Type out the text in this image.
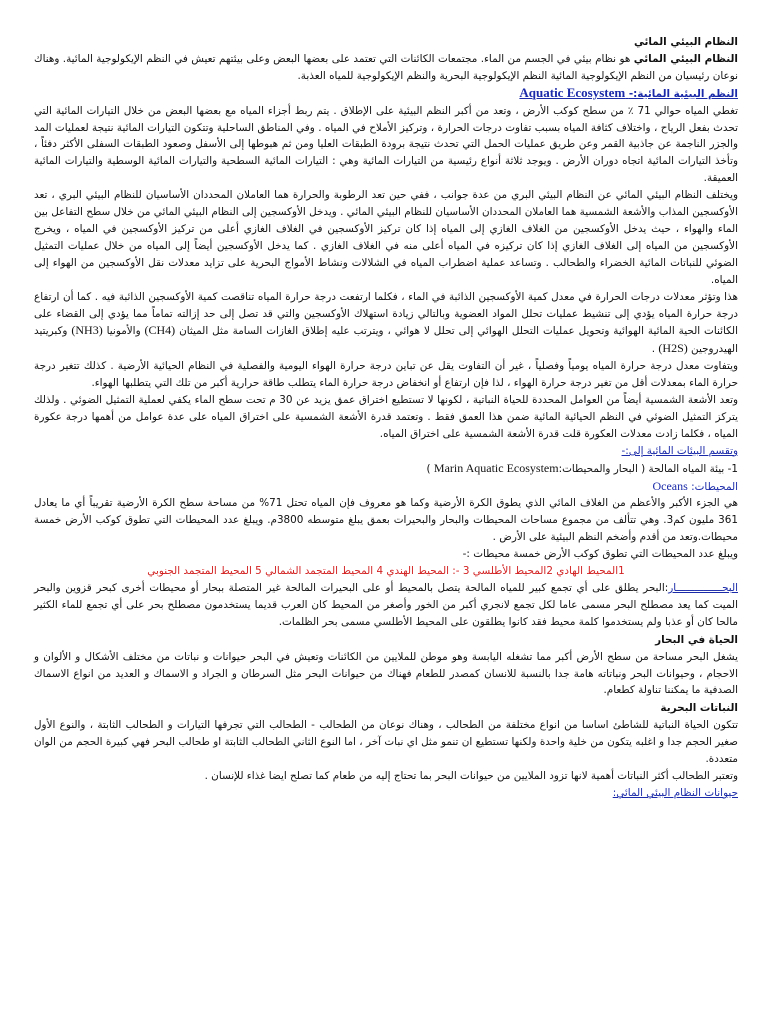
النظام البيئي المائي

النظام البيئي المائي هو نظام بيئي في الجسم من الماء. مجتمعات الكائنات التي تعتمد على بعضها البعض وعلى بيئتهم تعيش في النظم الإيكولوجية المائية. وهناك نوعان رئيسيان من النظم الإيكولوجية المائية النظم الإيكولوجية البحرية والنظم الإيكولوجية للمياه العذبة.

النظم البيئية المائية:- Aquatic Ecosystem

تغطي المياه حوالي 71 ٪ من سطح كوكب الأرض ، وتعد من أكبر النظم البيئية على الإطلاق . يتم ربط أجزاء المياه مع بعضها البعض من خلال التيارات المائية التي تحدث بفعل الرياح ، واختلاف كثافة المياه بسبب تفاوت درجات الحرارة ، وتركيز الأملاح في المياه . وفي المناطق الساحلية وتتكون التيارات المائية نتيجة لعمليات المد والجزر الناجمة عن جاذبية القمر وعن طريق عمليات الحمل التي تحدث نتيجة برودة الطبقات العليا ومن ثم هبوطها إلى الأسفل وصعود الطبقات السفلى الأكثر دفئاً ، وتأخذ التيارات المائية اتجاه دوران الأرض . ويوجد ثلاثة أنواع رئيسية من التيارات المائية وهي : التيارات المائية السطحية والتيارات المائية الوسطية والتيارات المائية العميقة.

ويختلف النظام البيئي المائي عن النظام البيئي البري من عدة جوانب ، ففي حين تعد الرطوبة والحرارة هما العاملان المحددان الأساسيان للنظام البيئي البري ، تعد الأوكسجين المذاب والأشعة الشمسية هما العاملان المحددان الأساسيان للنظام البيئي المائي . ويدخل الأوكسجين إلى النظام البيئي المائي من خلال سطح التفاعل بين الماء والهواء ، حيث يدخل الأوكسجين من الغلاف الغازي إلى المياه إذا كان تركيز الأوكسجين في الغلاف الغازي أعلى من تركيز الأوكسجين في المياه ، ويخرج الأوكسجين من المياه إلى الغلاف الغازي إذا كان تركيزه في المياه أعلى منه في الغلاف الغازي . كما يدخل الأوكسجين أيضاً إلى المياه من خلال عمليات التمثيل الضوئي للنباتات المائية الخضراء والطحالب . وتساعد عملية اضطراب المياه في الشلالات ونشاط الأمواج البحرية على تزايد معدلات نقل الأوكسجين من الهواء إلى المياه.

هذا وتؤثر معدلات درجات الحرارة في معدل كمية الأوكسجين الذائبة في الماء ، فكلما ارتفعت درجة حرارة المياه تناقصت كمية الأوكسجين الذائبة فيه . كما أن ارتفاع درجة حرارة المياه يؤدي إلى تنشيط عمليات تحلل المواد العضوية وبالتالي زيادة استهلاك الأوكسجين والتي قد تصل إلى حد إزالته تماماً مما يؤدي إلى القضاء على الكائنات الحية المائية الهوائية وتحويل عمليات التحلل الهوائي إلى تحلل لا هوائي ، ويترتب عليه إطلاق الغازات السامة مثل الميثان (CH4) والأمونيا (NH3) وكبريتيد الهيدروجين (H2S) .

ويتفاوت معدل درجة حرارة المياه يومياً وفصلياً ، غير أن التفاوت يقل عن تباين درجة حرارة الهواء اليومية والفصلية في النظام الحيائية الأرضية . كذلك تتغير درجة حرارة الماء بمعدلات أقل من تغير درجة حرارة الهواء ، لذا فإن ارتفاع أو انخفاض درجة حرارة الماء يتطلب طاقة حرارية أكبر من تلك التي يتطلبها الهواء.

وتعد الأشعة الشمسية أيضاً من العوامل المحددة للحياة النباتية ، لكونها لا تستطيع اختراق عمق يزيد عن 30 م تحت سطح الماء يكفي لعملية التمثيل الضوئي . ولذلك يتركز التمثيل الضوئي في النظم الحيائية المائية ضمن هذا العمق فقط . وتعتمد قدرة الأشعة الشمسية على اختراق المياه على عدة عوامل من أهمها درجة عكورة المياه ، فكلما زادت معدلات العكورة قلت قدرة الأشعة الشمسية على اختراق المياه.

وتقسم البيئات المائية إلى:-

1- بيئة المياه المالحة ( البحار والمحيطات:Marin Aquatic Ecosystem )

المحيطات: Oceans

هي الجزء الأكبر والأعظم من الغلاف المائي الذي يطوق الكرة الأرضية وكما هو معروف فإن المياه تحتل 71% من مساحة سطح الكرة الأرضية تقريباً أي ما يعادل 361 مليون كم3. وهي تتألف من مجموع مساحات المحيطات والبحار والبحيرات بعمق يبلغ متوسطه 3800م. ويبلغ عدد المحيطات التي تطوق كوكب الأرض خمسة محيطات.وتعد من أقدم وأضخم النظم البيئية على الأرض .

ويبلغ عدد المحيطات التي تطوق كوكب الأرض خمسة محيطات :-

1المحيط الهادي 2المحيط الأطلسي 3 -: المحيط الهندي 4 المحيط المتجمد الشمالي 5 المحيط المتجمد الجنوبي

البحـــــــــــــــار:البحر يطلق على أي تجمع كبير للمياه المالحة يتصل بالمحيط أو على البحيرات المالحة غير المتصلة ببحار أو محيطات أخرى كبحر قزوين والبحر الميت كما يعد مصطلح البحر مسمى عاما لكل تجمع لانجري أكبر من الخور وأصغر من المحيط كان العرب قديما يستخدمون مصطلح بحر على أي تجمع للماء الكثير مالحا كان أو عذبا ولم يستخدموا كلمة محيط فقد كانوا يطلقون على المحيط الأطلسي مسمى بحر الظلمات.

الحياة في البحار

يشغل البحر مساحة من سطح الأرض أكبر مما تشغله اليابسة وهو موطن للملايين من الكائنات وتعيش في البحر حيوانات و نباتات من مختلف الأشكال و الألوان و الاحجام ، وحيوانات البحر ونباتاته هامة جدا بالنسبة للانسان كمصدر للطعام فهناك من حيوانات البحر مثل السرطان و الجراد و الاسماك و العديد من انواع الاسماك الصدفية ما يمكننا تناولة كطعام.

النباتات البحرية

تتكون الحياة النباتية للشاطئ اساسا من انواع مختلفة من الطحالب ، وهناك نوعان من الطحالب - الطحالب التي تجرفها التيارات و الطحالب الثابتة ، والنوع الأول صغير الحجم جدا و اغلبه يتكون من خلية واحدة ولكنها تستطيع ان تنمو مثل اي نبات آخر ، اما النوع الثاني الطحالب الثابتة او طحالب البحر فهي كبيرة الحجم من الوان متعددة.

وتعتبر الطحالب أكثر النباتات أهمية لانها تزود الملايين من حيوانات البحر بما تحتاج إليه من طعام كما تصلح ايضا غذاء للإنسان .

حيوانات النظام البيئي المائي:
